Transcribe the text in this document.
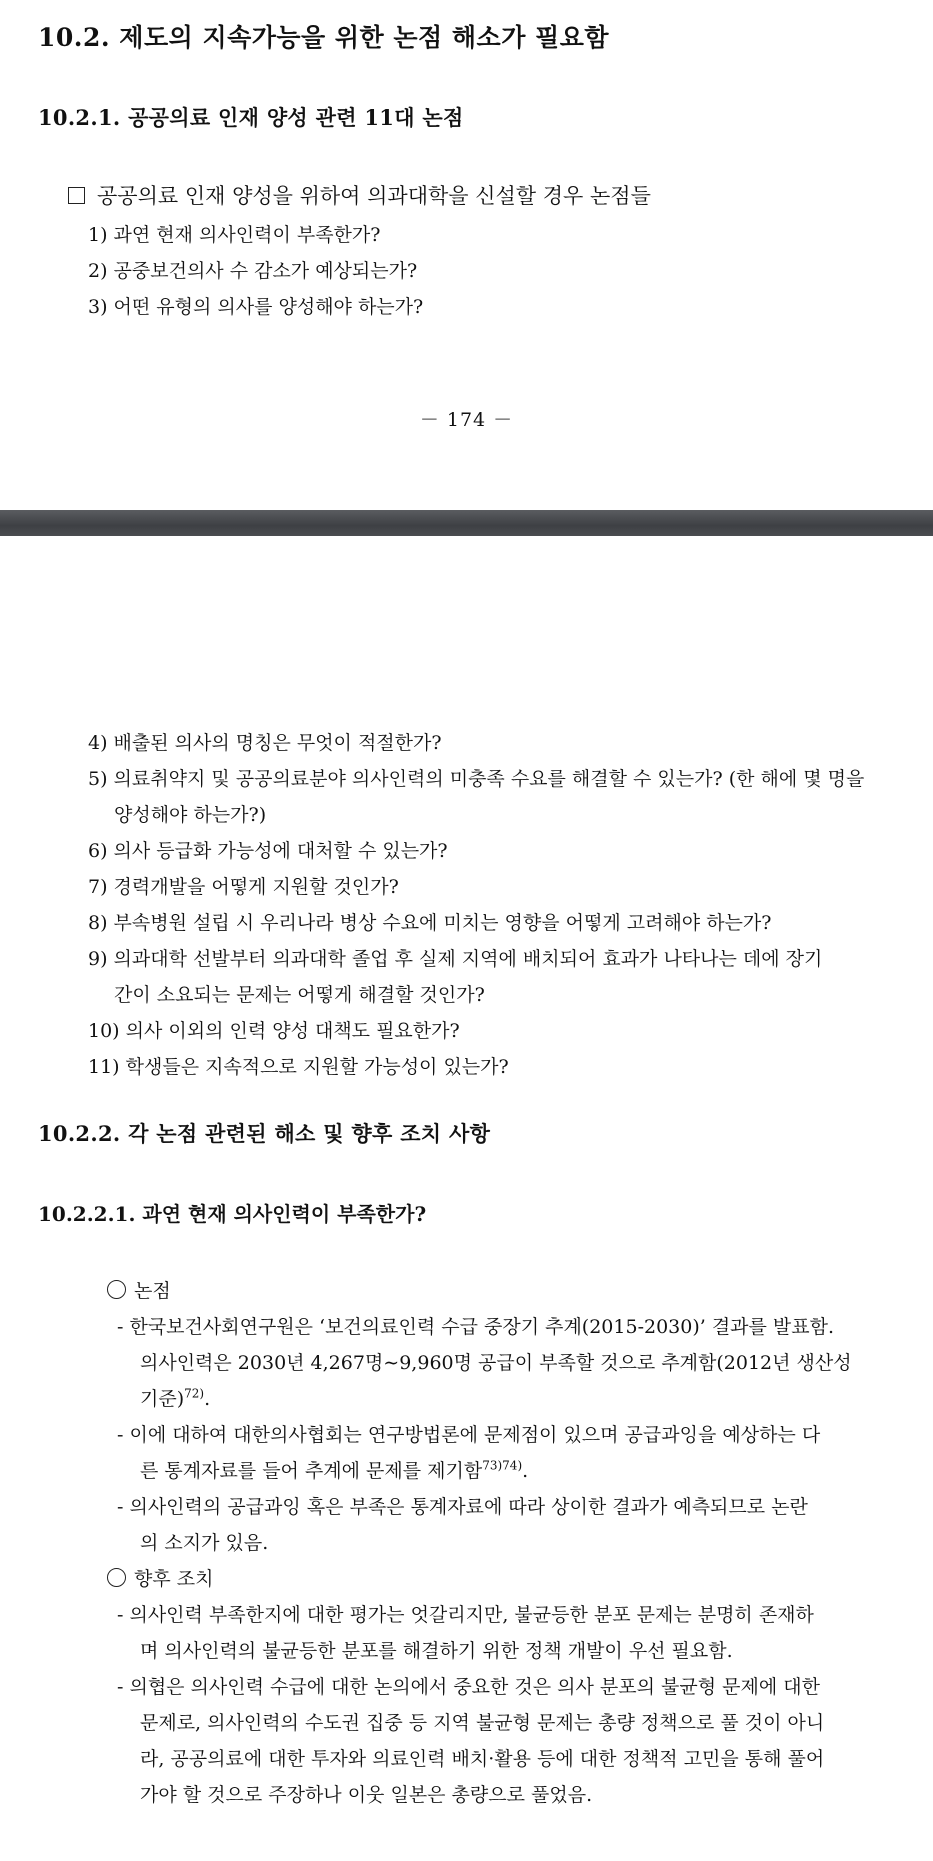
10.2. 제도의 지속가능을 위한 논점 해소가 필요함
10.2.1. 공공의료 인재 양성 관련 11대 논점
공공의료 인재 양성을 위하여 의과대학을 신설할 경우 논점들
1) 과연 현재 의사인력이 부족한가?
2) 공중보건의사 수 감소가 예상되는가?
3) 어떤 유형의 의사를 양성해야 하는가?
－ 174 －
4) 배출된 의사의 명칭은 무엇이 적절한가?
5) 의료취약지 및 공공의료분야 의사인력의 미충족 수요를 해결할 수 있는가? (한 해에 몇 명을
양성해야 하는가?)
6) 의사 등급화 가능성에 대처할 수 있는가?
7) 경력개발을 어떻게 지원할 것인가?
8) 부속병원 설립 시 우리나라 병상 수요에 미치는 영향을 어떻게 고려해야 하는가?
9) 의과대학 선발부터 의과대학 졸업 후 실제 지역에 배치되어 효과가 나타나는 데에 장기
간이 소요되는 문제는 어떻게 해결할 것인가?
10) 의사 이외의 인력 양성 대책도 필요한가?
11) 학생들은 지속적으로 지원할 가능성이 있는가?
10.2.2. 각 논점 관련된 해소 및 향후 조치 사항
10.2.2.1. 과연 현재 의사인력이 부족한가?
논점
- 한국보건사회연구원은 ‘보건의료인력 수급 중장기 추계(2015-2030)’ 결과를 발표함.
의사인력은 2030년 4,267명∼9,960명 공급이 부족할 것으로 추계함(2012년 생산성
기준)$^{72)}$.
- 이에 대하여 대한의사협회는 연구방법론에 문제점이 있으며 공급과잉을 예상하는 다
른 통계자료를 들어 추계에 문제를 제기함$^{73)74)}$.
- 의사인력의 공급과잉 혹은 부족은 통계자료에 따라 상이한 결과가 예측되므로 논란
의 소지가 있음.
향후 조치
- 의사인력 부족한지에 대한 평가는 엇갈리지만, 불균등한 분포 문제는 분명히 존재하
며 의사인력의 불균등한 분포를 해결하기 위한 정책 개발이 우선 필요함.
- 의협은 의사인력 수급에 대한 논의에서 중요한 것은 의사 분포의 불균형 문제에 대한
문제로, 의사인력의 수도권 집중 등 지역 불균형 문제는 총량 정책으로 풀 것이 아니
라, 공공의료에 대한 투자와 의료인력 배치·활용 등에 대한 정책적 고민을 통해 풀어
가야 할 것으로 주장하나 이웃 일본은 총량으로 풀었음.
